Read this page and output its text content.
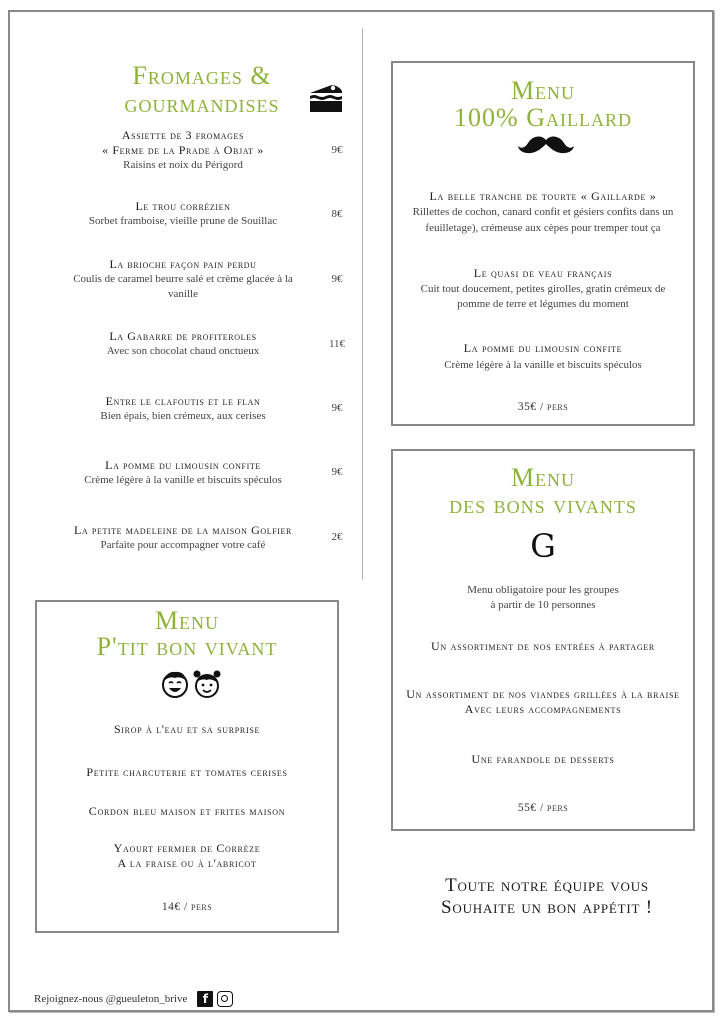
Fromages &
gourmandises
Assiette de 3 fromages
« Ferme de la Prade à Objat »
Raisins et noix du Périgord
9€
Le trou corrézien
Sorbet framboise, vieille prune de Souillac
8€
La brioche façon pain perdu
Coulis de caramel beurre salé et crème glacée à la
vanille
9€
La Gabarre de profiteroles
Avec son chocolat chaud onctueux
11€
Entre le clafoutis et le flan
Bien épais, bien crémeux, aux cerises
9€
La pomme du limousin confite
Crème légère à la vanille et biscuits spéculos
9€
La petite madeleine de la maison Golfier
Parfaite pour accompagner votre café
2€
Menu
P'tit bon vivant
Sirop à l'eau et sa surprise
Petite charcuterie et tomates cerises
Cordon bleu maison et frites maison
Yaourt fermier de Corrèze
A la fraise ou à l'abricot
14€ / pers
Menu
100% Gaillard
La belle tranche de tourte « Gaillarde »
Rillettes de cochon, canard confit et gésiers confits dans un
feuilletage), crémeuse aux cèpes pour tremper tout ça
Le quasi de veau français
Cuit tout doucement, petites girolles, gratin crémeux de
pomme de terre et légumes du moment
La pomme du limousin confite
Crème légère à la vanille et biscuits spéculos
35€ / pers
Menu
des bons vivants
G
Menu obligatoire pour les groupes
à partir de 10 personnes
Un assortiment de nos entrées à partager
Un assortiment de nos viandes grillées à la braise
Avec leurs accompagnements
Une farandole de desserts
55€ / pers
Toute notre équipe vous
Souhaite un bon appétit !
Rejoignez-nous @gueuleton_brive	f
